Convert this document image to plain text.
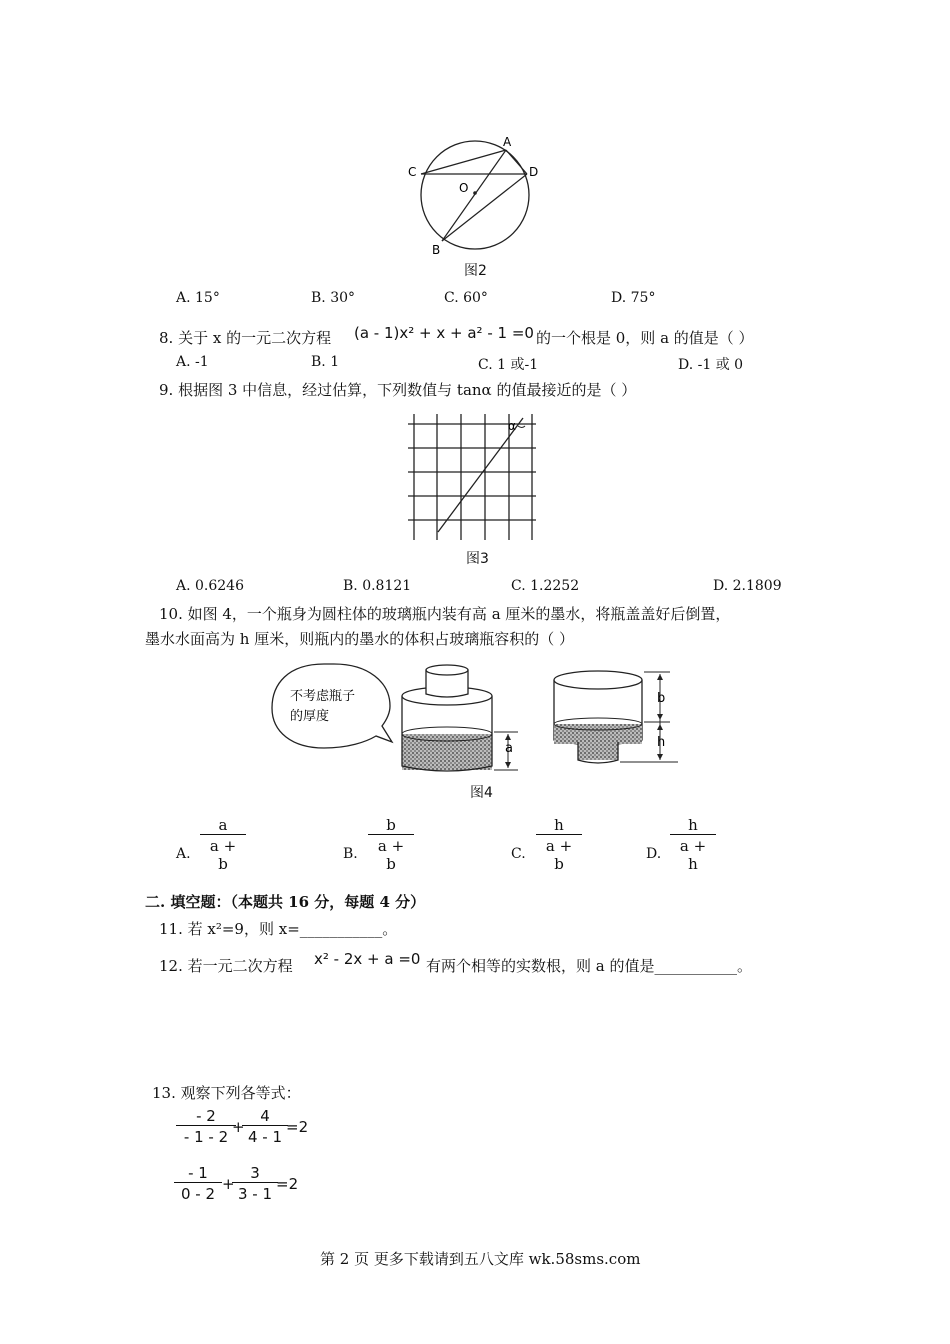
A
C	D
O
B
图2
A. 15°	B. 30°	C. 60°	D. 75°
8. 关于 x 的一元二次方程 (a - 1)x² + x + a² - 1 =0 的一个根是 0，则 a 的值是（ ）
A. -1	B. 1	C. 1 或-1	D. -1 或 0
9. 根据图 3 中信息，经过估算，下列数值与 tanα 的值最接近的是（ ）
α
图3
A. 0.6246	B. 0.8121	C. 1.2252	D. 2.1809
10. 如图 4，一个瓶身为圆柱体的玻璃瓶内装有高 a 厘米的墨水，将瓶盖盖好后倒置，
墨水水面高为 h 厘米，则瓶内的墨水的体积占玻璃瓶容积的（ ）
不考虑瓶子
的厚度
a
b
h
图4
A. $\frac{a}{a + b}$	B. $\frac{b}{a + b}$	C. $\frac{h}{a + b}$	D. $\frac{h}{a + h}$
二. 填空题：（本题共 16 分，每题 4 分）
11. 若 x²=9，则 x=___________。
12. 若一元二次方程 x² - 2x + a =0 有两个相等的实数根，则 a 的值是___________。
13. 观察下列各等式：
$\frac{- 2}{- 1 - 2}$
+
$\frac{4}{4 - 1}$
=2
$\frac{- 1}{0 - 2}$ +
$\frac{3}{3 - 1}$
=2
第 2 页 更多下载请到五八文库 wk.58sms.com
